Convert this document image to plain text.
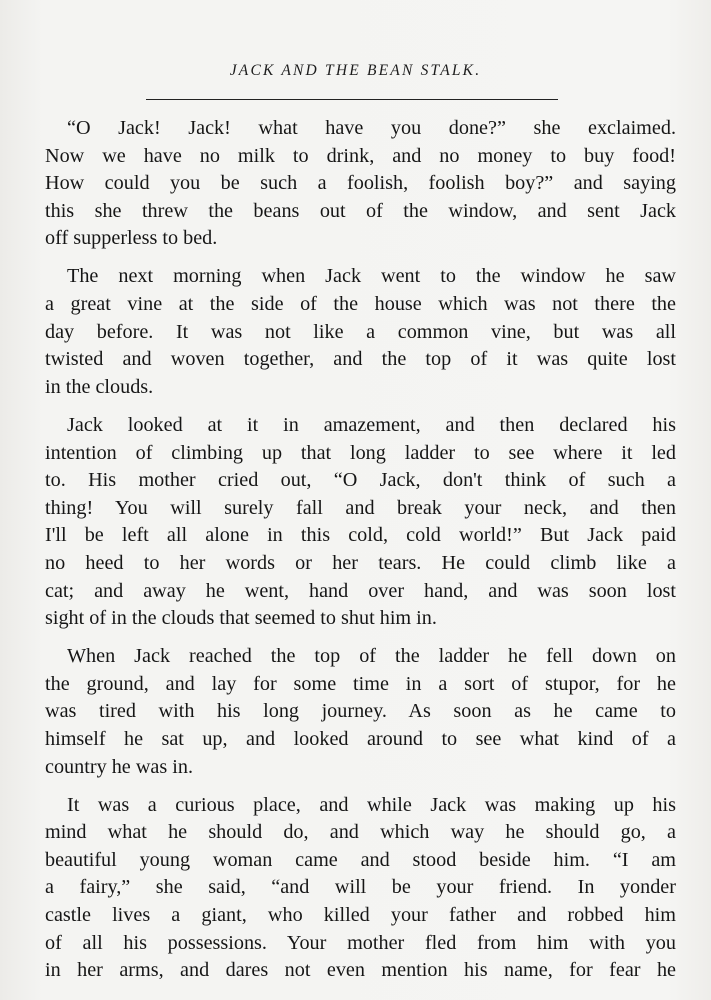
JACK AND THE BEAN STALK.
“O Jack! Jack! what have you done?” she exclaimed.
Now we have no milk to drink, and no money to buy food!
How could you be such a foolish, foolish boy?” and saying
this she threw the beans out of the window, and sent Jack
off supperless to bed.
The next morning when Jack went to the window he saw
a great vine at the side of the house which was not there the
day before. It was not like a common vine, but was all
twisted and woven together, and the top of it was quite lost
in the clouds.
Jack looked at it in amazement, and then declared his
intention of climbing up that long ladder to see where it led
to. His mother cried out, “O Jack, don't think of such a
thing! You will surely fall and break your neck, and then
I'll be left all alone in this cold, cold world!” But Jack paid
no heed to her words or her tears. He could climb like a
cat; and away he went, hand over hand, and was soon lost
sight of in the clouds that seemed to shut him in.
When Jack reached the top of the ladder he fell down on
the ground, and lay for some time in a sort of stupor, for he
was tired with his long journey. As soon as he came to
himself he sat up, and looked around to see what kind of a
country he was in.
It was a curious place, and while Jack was making up his
mind what he should do, and which way he should go, a
beautiful young woman came and stood beside him. “I am
a fairy,” she said, “and will be your friend. In yonder
castle lives a giant, who killed your father and robbed him
of all his possessions. Your mother fled from him with you
in her arms, and dares not even mention his name, for fear he
